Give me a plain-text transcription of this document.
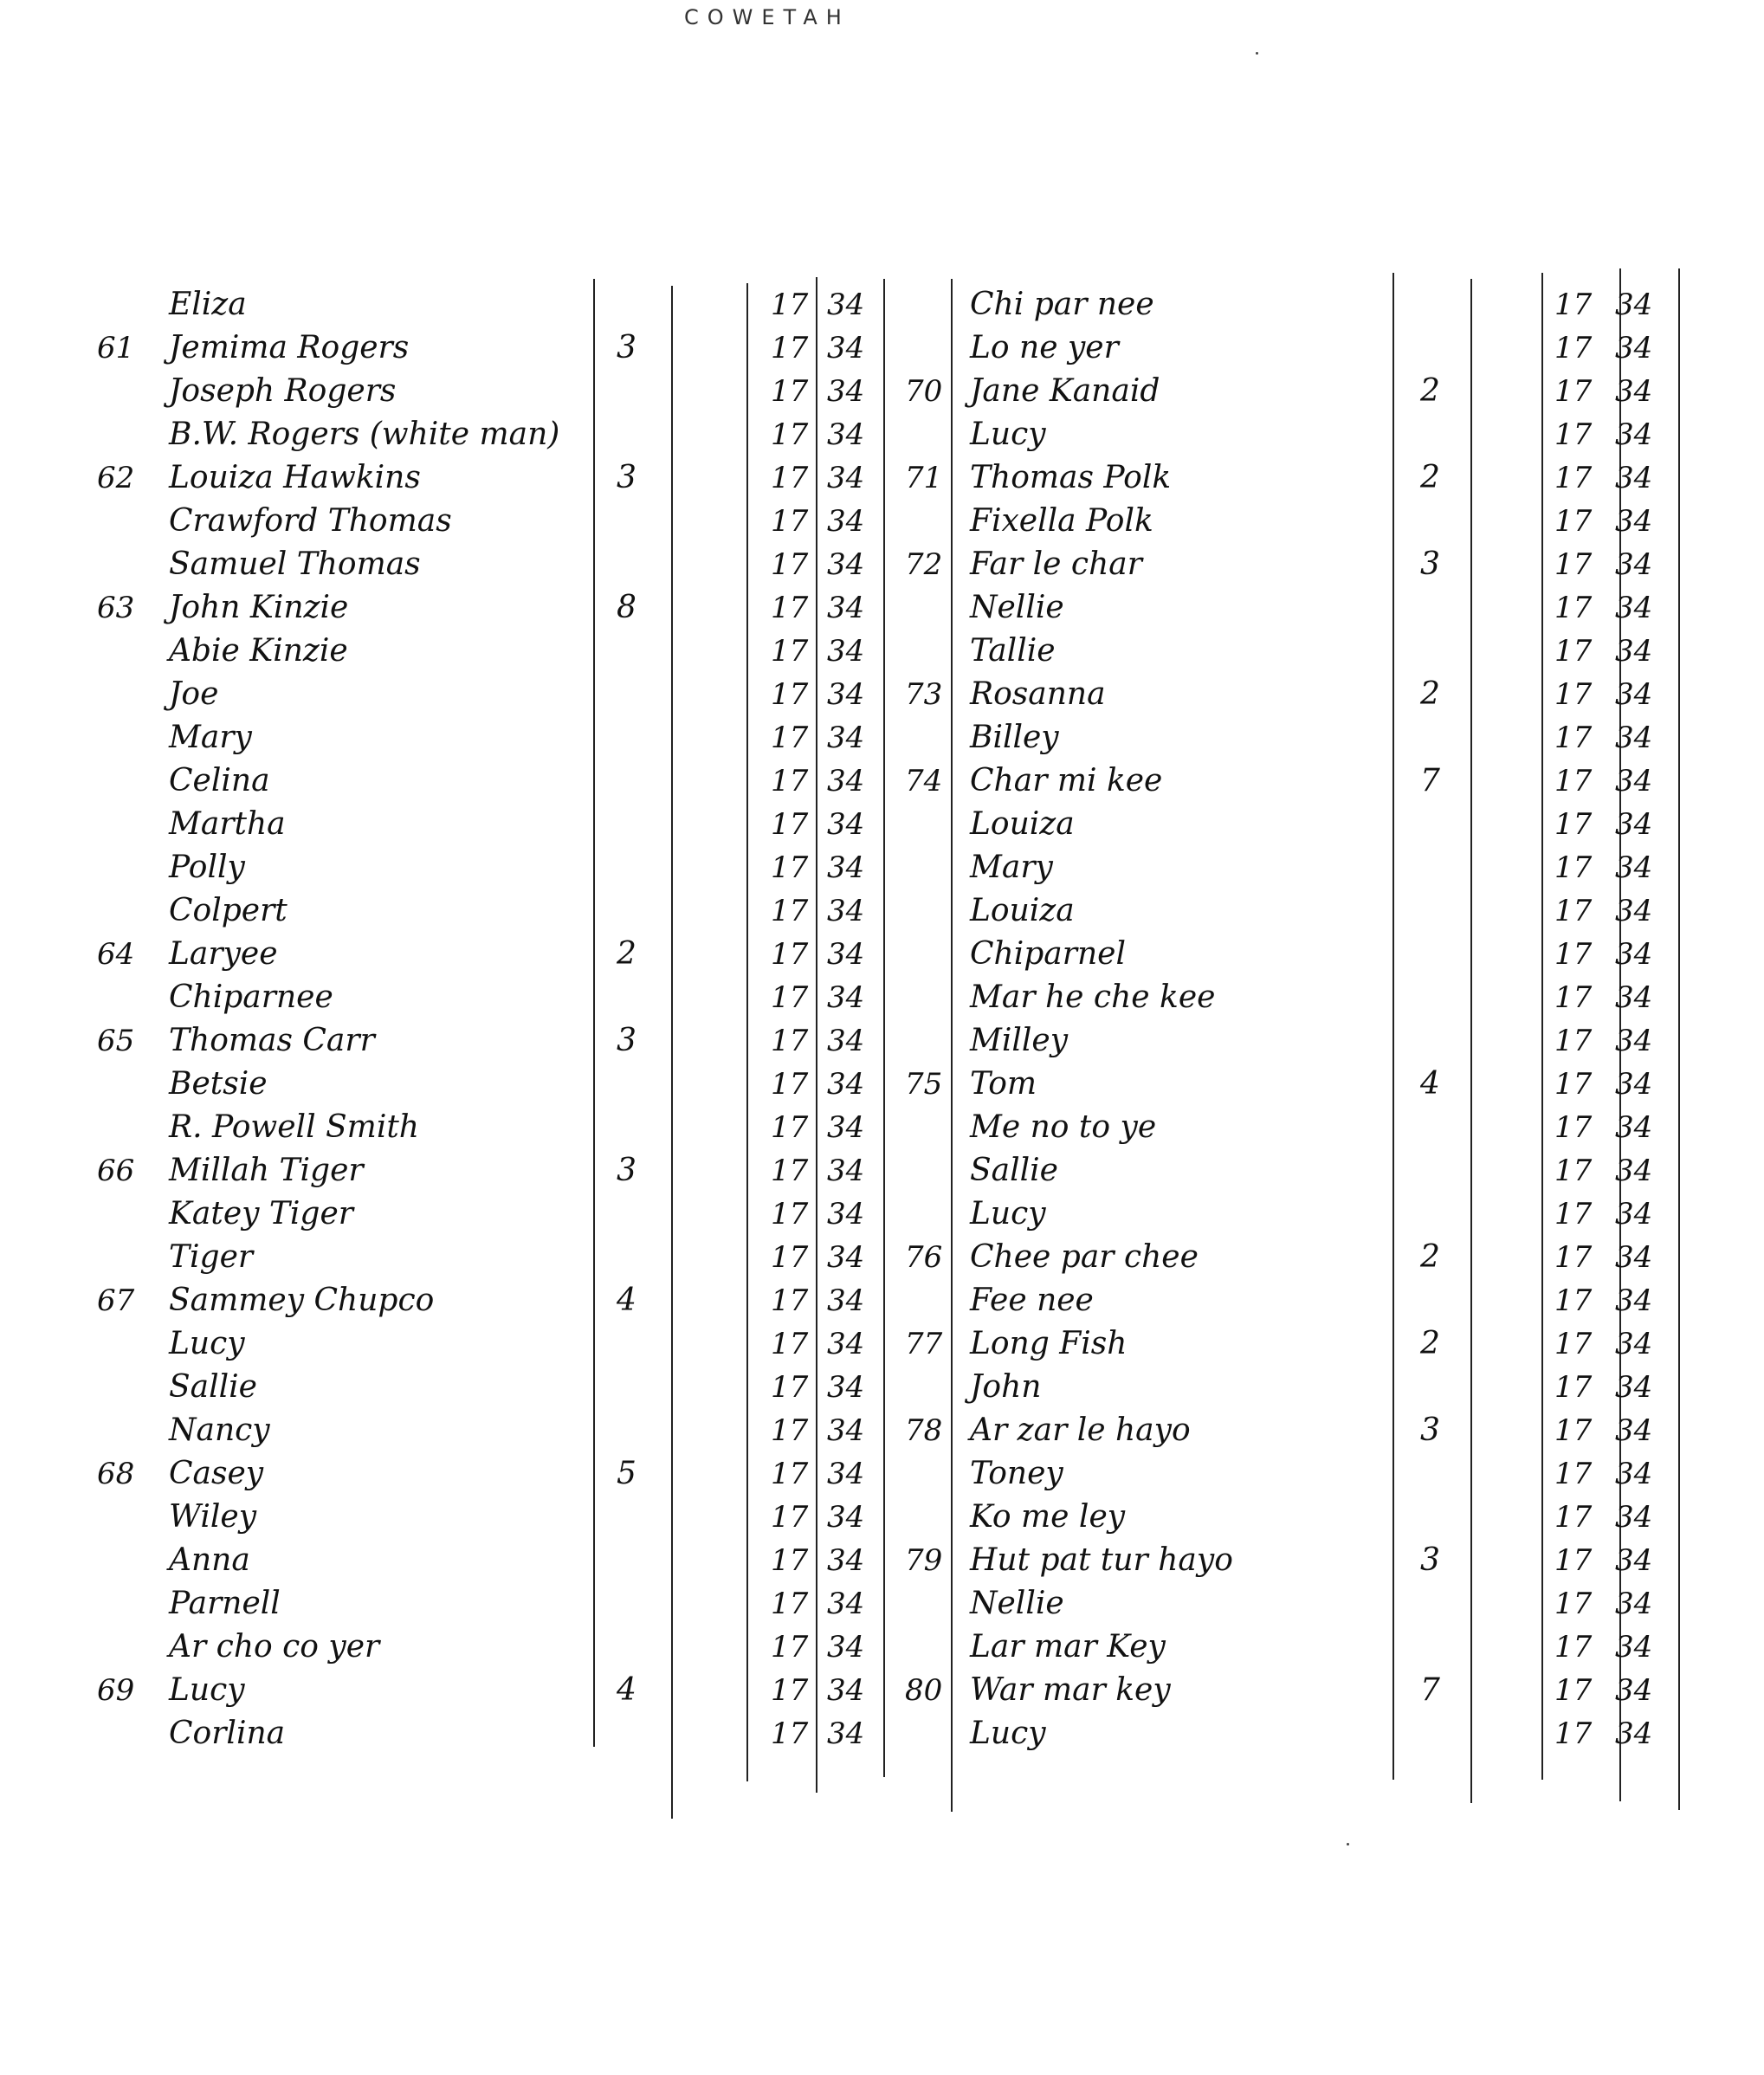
COWETAH
Eliza	17 34
61 Jemima Rogers	3	17 34
Joseph Rogers	17 34
B.W. Rogers (white man)	17 34
62 Louiza Hawkins	3	17 34
Crawford Thomas	17 34
Samuel Thomas	17 34
63 John Kinzie	8	17 34
Abie Kinzie	17 34
Joe	17 34
Mary	17 34
Celina	17 34
Martha	17 34
Polly	17 34
Colpert	17 34
64 Laryee	2	17 34
Chiparnee	17 34
65 Thomas Carr	3	17 34
Betsie	17 34
R. Powell Smith	17 34
66 Millah Tiger	3	17 34
Katey Tiger	17 34
Tiger	17 34
67 Sammey Chupco	4	17 34
Lucy	17 34
Sallie	17 34
Nancy	17 34
68 Casey	5	17 34
Wiley	17 34
Anna	17 34
Parnell	17 34
Ar cho co yer	17 34
69 Lucy	4	17 34
Corlina	17 34
Chi par nee	17 34
Lo ne yer	17 34
70 Jane Kanaid	2	17 34
Lucy	17 34
71 Thomas Polk	2	17 34
Fixella Polk	17 34
72 Far le char	3	17 34
Nellie	17 34
Tallie	17 34
73 Rosanna	2	17 34
Billey	17 34
74 Char mi kee	7	17 34
Louiza	17 34
Mary	17 34
Louiza	17 34
Chiparnel	17 34
Mar he che kee	17 34
Milley	17 34
75 Tom	4	17 34
Me no to ye	17 34
Sallie	17 34
Lucy	17 34
76 Chee par chee	2	17 34
Fee nee	17 34
77 Long Fish	2	17 34
John	17 34
78 Ar zar le hayo	3	17 34
Toney	17 34
Ko me ley	17 34
79 Hut pat tur hayo	3	17 34
Nellie	17 34
Lar mar Key	17 34
80 War mar key	7	17 34
Lucy	17 34
